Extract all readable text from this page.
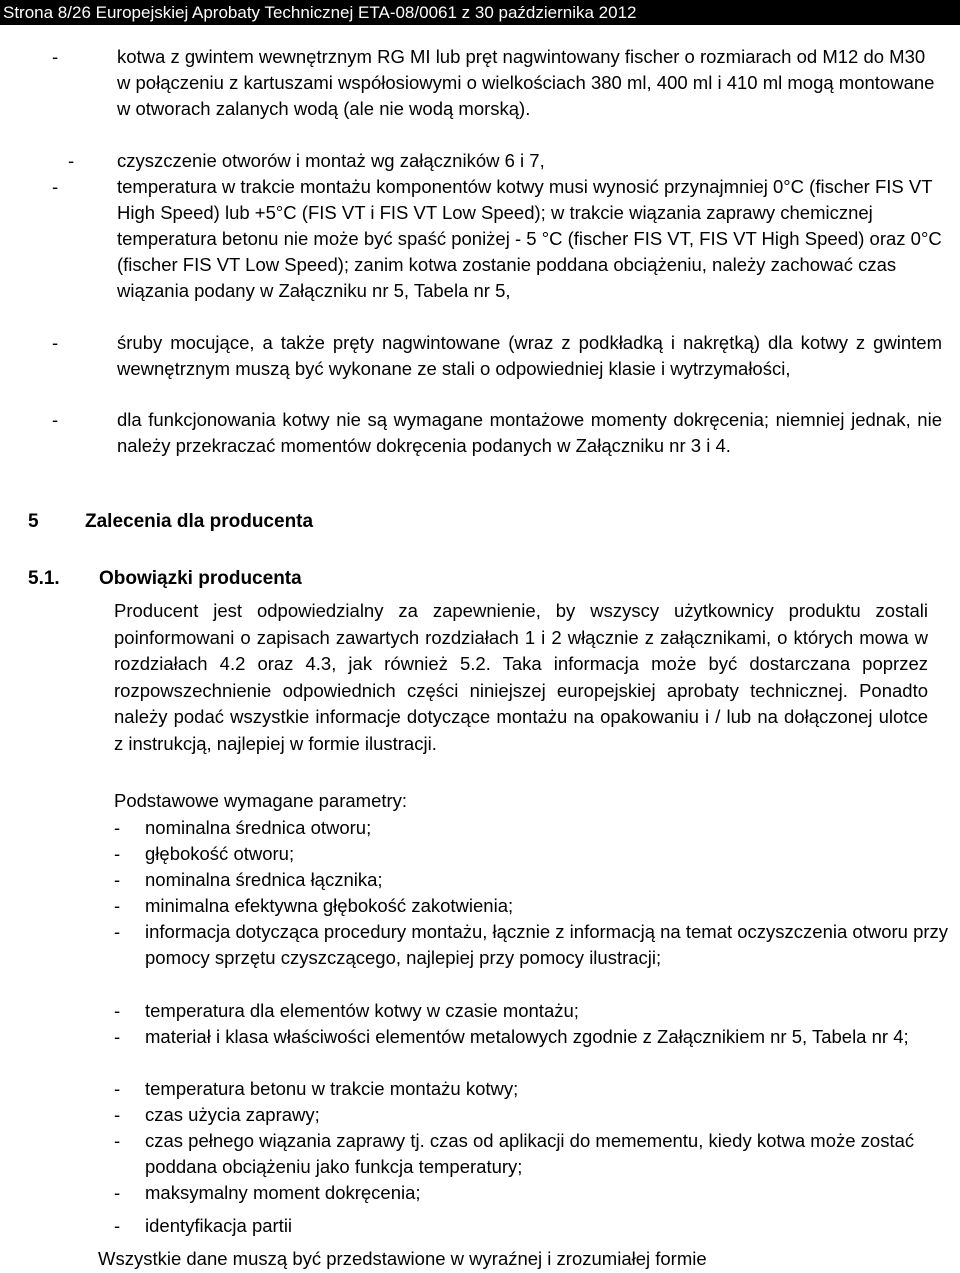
Strona 8/26 Europejskiej Aprobaty Technicznej ETA-08/0061 z 30 października 2012
-	kotwa z gwintem wewnętrznym RG MI lub pręt nagwintowany fischer o rozmiarach od M12 do M30 w połączeniu z kartuszami współosiowymi o wielkościach 380 ml, 400 ml i 410 ml mogą montowane w otworach zalanych wodą (ale nie wodą morską).
-	czyszczenie otworów i montaż wg załączników 6 i 7,
-	temperatura w trakcie montażu komponentów kotwy musi wynosić przynajmniej 0°C (fischer FIS VT High Speed) lub +5°C (FIS VT i FIS VT Low Speed); w trakcie wiązania zaprawy chemicznej temperatura betonu nie może być spaść poniżej - 5 °C (fischer FIS VT, FIS VT High Speed) oraz 0°C (fischer FIS VT Low Speed); zanim kotwa zostanie poddana obciążeniu, należy zachować czas wiązania podany w Załączniku nr 5, Tabela nr 5,
-	śruby mocujące, a także pręty nagwintowane (wraz z podkładką i nakrętką) dla kotwy z gwintem wewnętrznym muszą być wykonane ze stali o odpowiedniej klasie i wytrzymałości,
-	dla funkcjonowania kotwy nie są wymagane montażowe momenty dokręcenia; niemniej jednak, nie należy przekraczać momentów dokręcenia podanych w Załączniku nr 3 i 4.
5 Zalecenia dla producenta
5.1. Obowiązki producenta
Producent jest odpowiedzialny za zapewnienie, by wszyscy użytkownicy produktu zostali poinformowani o zapisach zawartych rozdziałach 1 i 2 włącznie z załącznikami, o których mowa w rozdziałach 4.2 oraz 4.3, jak również 5.2. Taka informacja może być dostarczana poprzez rozpowszechnienie odpowiednich części niniejszej europejskiej aprobaty technicznej. Ponadto należy podać wszystkie informacje dotyczące montażu na opakowaniu i / lub na dołączonej ulotce z instrukcją, najlepiej w formie ilustracji.
Podstawowe wymagane parametry:
-	nominalna średnica otworu;
-	głębokość otworu;
-	nominalna średnica łącznika;
-	minimalna efektywna głębokość zakotwienia;
-	informacja dotycząca procedury montażu, łącznie z informacją na temat oczyszczenia otworu przy pomocy sprzętu czyszczącego, najlepiej przy pomocy ilustracji;
-	temperatura dla elementów kotwy w czasie montażu;
-	materiał i klasa właściwości elementów metalowych zgodnie z Załącznikiem nr 5, Tabela nr 4;
-	temperatura betonu w trakcie montażu kotwy;
-	czas użycia zaprawy;
-	czas pełnego wiązania zaprawy tj. czas od aplikacji do memementu, kiedy kotwa może zostać poddana obciążeniu jako funkcja temperatury;
-	maksymalny moment dokręcenia;
-	identyfikacja partii
Wszystkie dane muszą być przedstawione w wyraźnej i zrozumiałej formie
